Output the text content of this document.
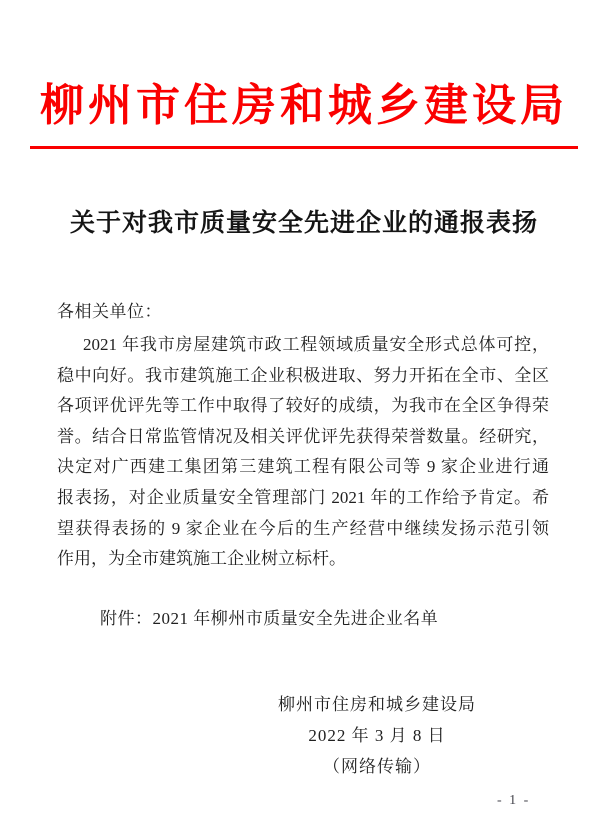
柳州市住房和城乡建设局
关于对我市质量安全先进企业的通报表扬
各相关单位：
2021 年我市房屋建筑市政工程领域质量安全形式总体可控，
稳中向好。我市建筑施工企业积极进取、努力开拓在全市、全区
各项评优评先等工作中取得了较好的成绩，为我市在全区争得荣
誉。结合日常监管情况及相关评优评先获得荣誉数量。经研究，
决定对广西建工集团第三建筑工程有限公司等 9 家企业进行通
报表扬，对企业质量安全管理部门 2021 年的工作给予肯定。希
望获得表扬的 9 家企业在今后的生产经营中继续发扬示范引领
作用，为全市建筑施工企业树立标杆。
附件：2021 年柳州市质量安全先进企业名单
柳州市住房和城乡建设局
2022 年 3 月 8 日
（网络传输）
- 1 -
